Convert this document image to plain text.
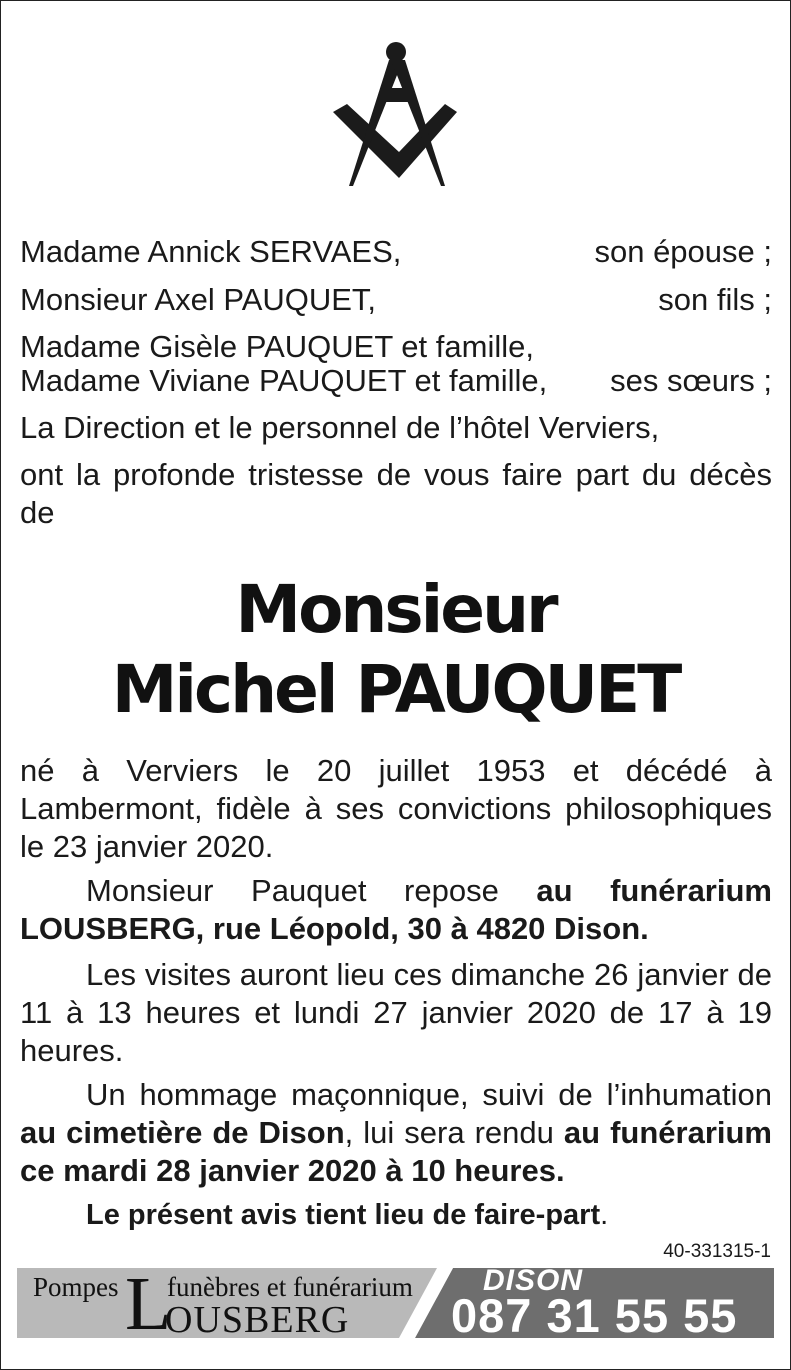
Madame Annick SERVAES,	son épouse ;
Monsieur Axel PAUQUET,	son fils ;
Madame Gisèle PAUQUET et famille,
Madame Viviane PAUQUET et famille, ses sœurs ;
La Direction et le personnel de l’hôtel Verviers,
ont la profonde tristesse de vous faire part du décès de
Monsieur
Michel PAUQUET
né à Verviers le 20 juillet 1953 et décédé à Lambermont, fidèle à ses convictions philosophiques le 23 janvier 2020.
Monsieur Pauquet repose au funérarium LOUSBERG, rue Léopold, 30 à 4820 Dison.
Les visites auront lieu ces dimanche 26 janvier de 11 à 13 heures et lundi 27 janvier 2020 de 17 à 19 heures.
Un hommage maçonnique, suivi de l’inhumation au cimetière de Dison, lui sera rendu au funérarium ce mardi 28 janvier 2020 à 10 heures.
Le présent avis tient lieu de faire-part.
40-331315-1
Pompes L
funèbres et funérarium
OUSBERG
DISON
087 31 55 55
